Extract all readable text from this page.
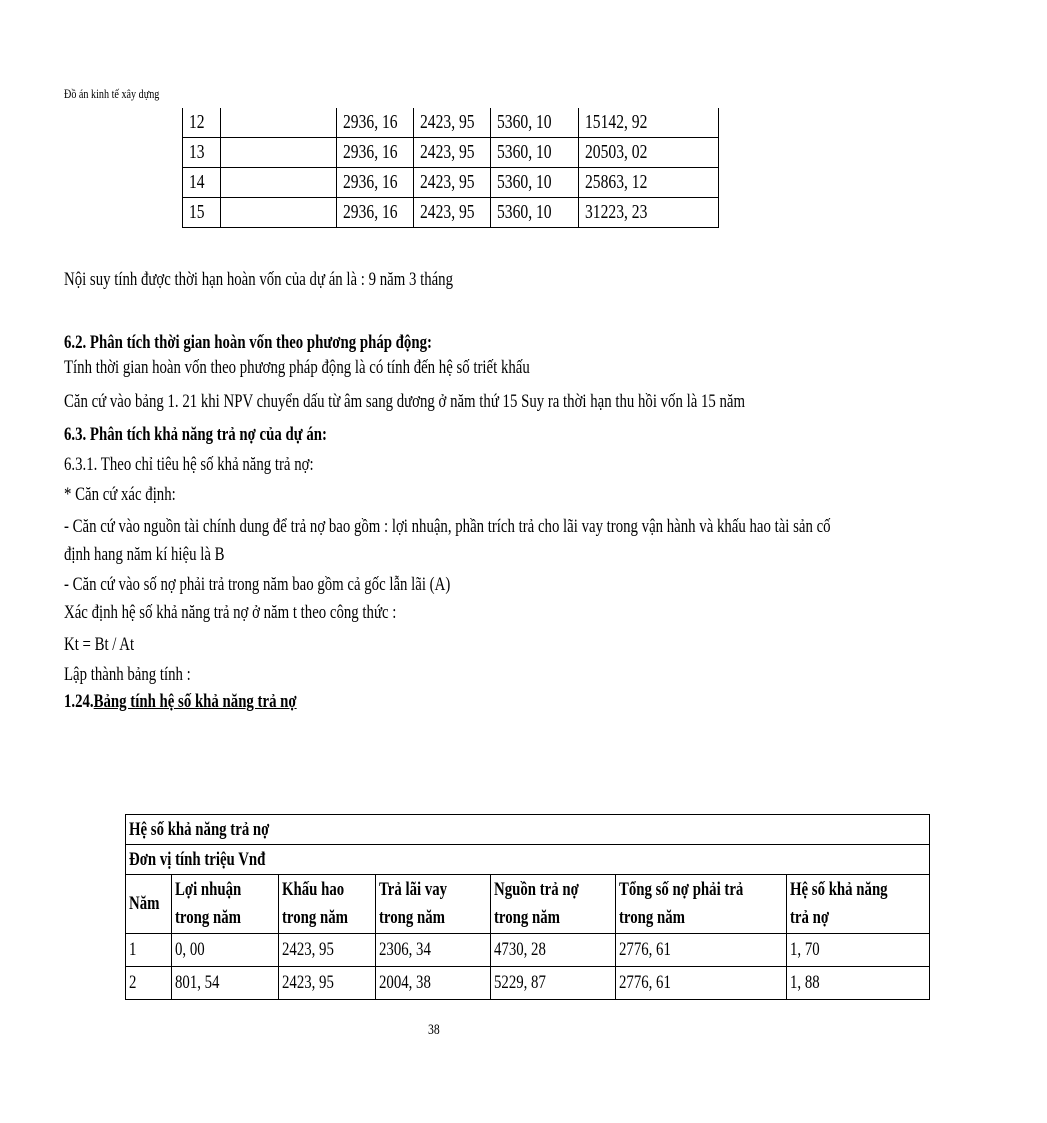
Đồ án kinh tế xây dựng
12		2936, 16	2423, 95	5360, 10	15142, 92
13		2936, 16	2423, 95	5360, 10	20503, 02
14		2936, 16	2423, 95	5360, 10	25863, 12
15		2936, 16	2423, 95	5360, 10	31223, 23
Nội suy tính được thời hạn hoàn vốn của dự án là : 9 năm 3 tháng
6.2. Phân tích thời gian hoàn vốn theo phương pháp động:
Tính thời gian hoàn vốn theo phương pháp động là có tính đến hệ số triết khấu
Căn cứ vào bảng 1. 21 khi NPV chuyển dấu từ âm sang dương ở năm thứ 15 Suy ra thời hạn thu hồi vốn là 15 năm
6.3. Phân tích khả năng trả nợ của dự án:
6.3.1. Theo chỉ tiêu hệ số khả năng trả nợ:
* Căn cứ xác định:
- Căn cứ vào nguồn tài chính dung để trả nợ bao gồm : lợi nhuận, phần trích trả cho lãi vay trong vận hành và khấu hao tài sản cố
định hang năm kí hiệu là B
- Căn cứ vào số nợ phải trả trong năm bao gồm cả gốc lẫn lãi (A)
Xác định hệ số khả năng trả nợ ở năm t theo công thức :
Kt = Bt / At
Lập thành bảng tính :
1.24.Bảng tính hệ số khả năng trả nợ
Hệ số khả năng trả nợ						
Đơn vị tính triệu Vnđ						
Năm	Lợi nhuận trong năm	Khấu hao trong năm	Trả lãi vay trong năm	Nguồn trả nợ trong năm	Tổng số nợ phải trả trong năm	Hệ số khả năng trả nợ

1	0, 00	2423, 95	2306, 34	4730, 28	2776, 61	1, 70
2	801, 54	2423, 95	2004, 38	5229, 87	2776, 61	1, 88
38
